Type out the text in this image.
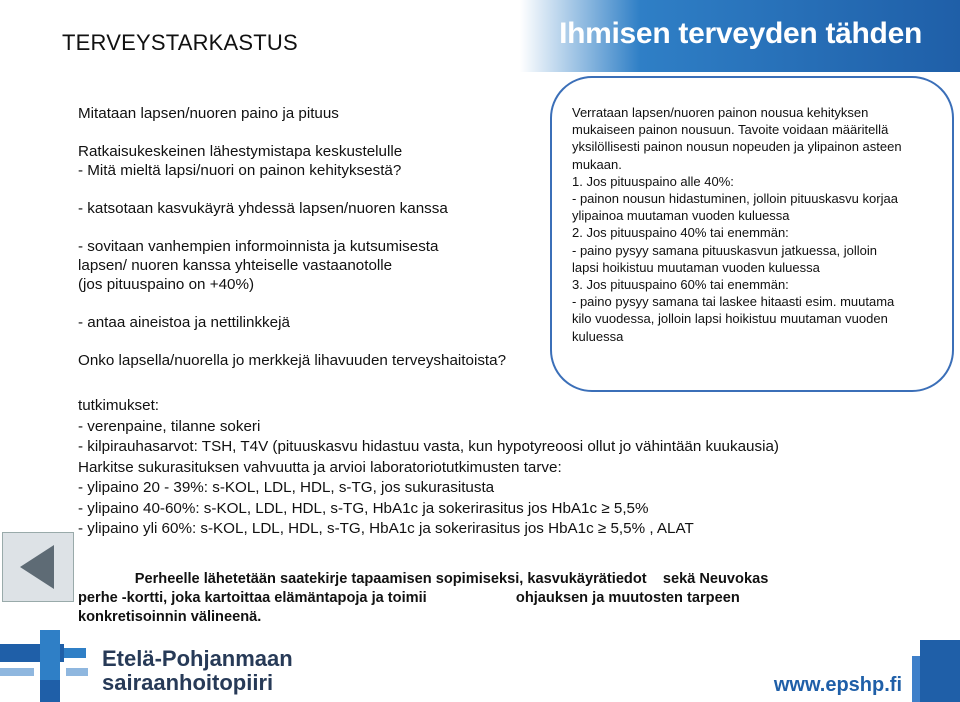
TERVEYSTARKASTUS	Ihmisen terveyden tähden
Mitataan lapsen/nuoren paino ja pituus

Ratkaisukeskeinen lähestymistapa keskustelulle
- Mitä mieltä lapsi/nuori on painon kehityksestä?

- katsotaan kasvukäyrä yhdessä lapsen/nuoren kanssa

- sovitaan vanhempien informoinnista ja kutsumisesta
lapsen/ nuoren kanssa yhteiselle vastaanotolle
(jos pituuspaino on +40%)

- antaa aineistoa ja nettilinkkejä

Onko lapsella/nuorella jo merkkejä lihavuuden terveyshaitoista?
Verrataan lapsen/nuoren painon nousua kehityksen
mukaiseen painon nousuun. Tavoite voidaan määritellä
yksilöllisesti painon nousun nopeuden ja ylipainon asteen
mukaan.
1. Jos pituuspaino alle 40%:
- painon nousun hidastuminen, jolloin pituuskasvu korjaa
ylipainoa muutaman vuoden kuluessa
2. Jos pituuspaino 40% tai enemmän:
- paino pysyy samana pituuskasvun jatkuessa, jolloin
lapsi hoikistuu muutaman vuoden kuluessa
3. Jos pituuspaino 60% tai enemmän:
- paino pysyy samana tai laskee hitaasti esim. muutama
kilo vuodessa, jolloin lapsi hoikistuu muutaman vuoden
kuluessa
tutkimukset:
- verenpaine, tilanne sokeri
- kilpirauhasarvot: TSH, T4V (pituuskasvu hidastuu vasta, kun hypotyreoosi ollut jo vähintään kuukausia)
Harkitse sukurasituksen vahvuutta ja arvioi laboratoriotutkimusten tarve:
- ylipaino 20 - 39%: s-KOL, LDL, HDL, s-TG, jos sukurasitusta
- ylipaino 40-60%: s-KOL, LDL, HDL, s-TG, HbA1c ja sokerirasitus jos HbA1c ≥ 5,5%
- ylipaino yli 60%: s-KOL, LDL, HDL, s-TG, HbA1c ja sokerirasitus jos HbA1c ≥ 5,5% , ALAT
Perheelle lähetetään saatekirje tapaamisen sopimiseksi, kasvukäyrätiedot    sekä Neuvokas
perhe -kortti, joka kartoittaa elämäntapoja ja toimii                      ohjauksen ja muutosten tarpeen
konkretisoinnin välineenä.
Etelä-Pohjanmaan
sairaanhoitopiiri	www.epshp.fi
